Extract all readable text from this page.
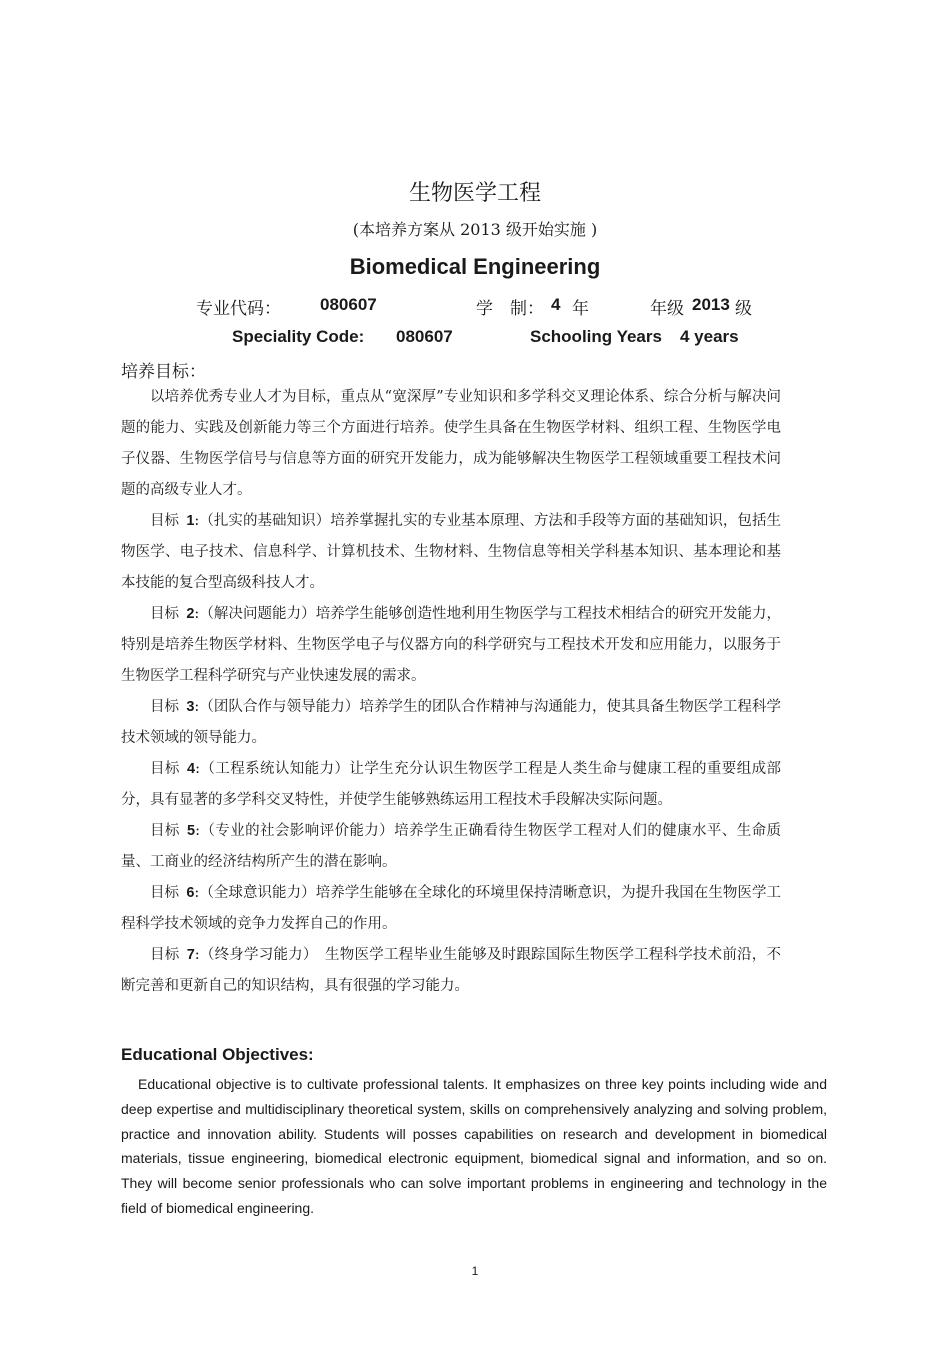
生物医学工程
(本培养方案从 2013 级开始实施 )
Biomedical Engineering
专业代码： 080607	学　制： 4 年	年级 2013 级
Speciality Code: 080607	Schooling Years 4 years
培养目标：

以培养优秀专业人才为目标，重点从“宽深厚”专业知识和多学科交叉理论体系、综合分析与解决问题的能力、实践及创新能力等三个方面进行培养。使学生具备在生物医学材料、组织工程、生物医学电子仪器、生物医学信号与信息等方面的研究开发能力，成为能够解决生物医学工程领域重要工程技术问题的高级专业人才。

目标  1:（扎实的基础知识）培养掌握扎实的专业基本原理、方法和手段等方面的基础知识，包括生物医学、电子技术、信息科学、计算机技术、生物材料、生物信息等相关学科基本知识、基本理论和基本技能的复合型高级科技人才。

目标  2:（解决问题能力）培养学生能够创造性地利用生物医学与工程技术相结合的研究开发能力，特别是培养生物医学材料、生物医学电子与仪器方向的科学研究与工程技术开发和应用能力，以服务于生物医学工程科学研究与产业快速发展的需求。

目标  3:（团队合作与领导能力）培养学生的团队合作精神与沟通能力，使其具备生物医学工程科学技术领域的领导能力。

目标  4:（工程系统认知能力）让学生充分认识生物医学工程是人类生命与健康工程的重要组成部分，具有显著的多学科交叉特性，并使学生能够熟练运用工程技术手段解决实际问题。

目标  5:（专业的社会影响评价能力）培养学生正确看待生物医学工程对人们的健康水平、生命质量、工商业的经济结构所产生的潜在影响。

目标  6:（全球意识能力）培养学生能够在全球化的环境里保持清晰意识，为提升我国在生物医学工程科学技术领域的竞争力发挥自己的作用。

目标  7:（终身学习能力）　生物医学工程毕业生能够及时跟踪国际生物医学工程科学技术前沿，不断完善和更新自己的知识结构，具有很强的学习能力。

Educational Objectives:

Educational objective is to cultivate professional talents. It emphasizes on three key points including wide and deep expertise and multidisciplinary theoretical system, skills on comprehensively analyzing and solving problem, practice and innovation ability. Students will posses capabilities on research and development in biomedical materials, tissue engineering, biomedical electronic equipment, biomedical signal and information, and so on. They will become senior professionals who can solve important problems in engineering and technology in the field of biomedical engineering.

1
